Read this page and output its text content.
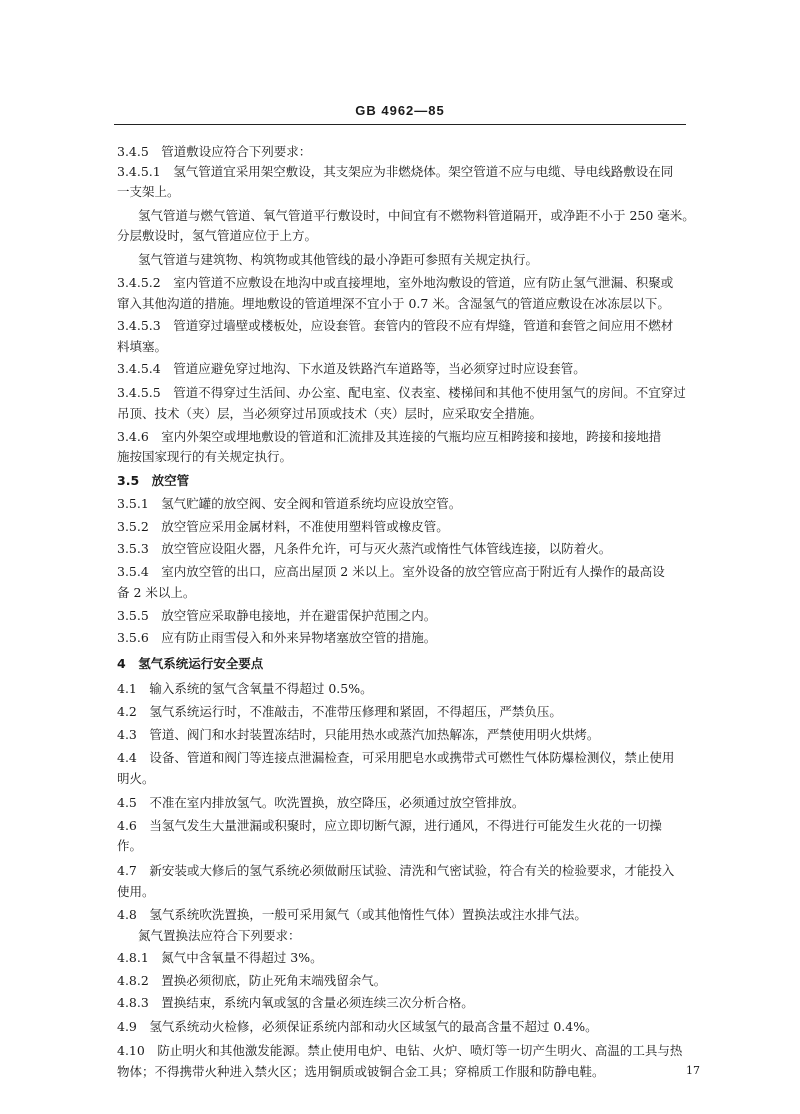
GB 4962—85
3.4.5　管道敷设应符合下列要求：
3.4.5.1　氢气管道宜采用架空敷设，其支架应为非燃烧体。架空管道不应与电缆、导电线路敷设在同
一支架上。
氢气管道与燃气管道、氧气管道平行敷设时，中间宜有不燃物料管道隔开，或净距不小于 250 毫米。
分层敷设时，氢气管道应位于上方。
氢气管道与建筑物、构筑物或其他管线的最小净距可参照有关规定执行。
3.4.5.2　室内管道不应敷设在地沟中或直接埋地，室外地沟敷设的管道，应有防止氢气泄漏、积聚或
窜入其他沟道的措施。埋地敷设的管道埋深不宜小于 0.7 米。含湿氢气的管道应敷设在冰冻层以下。
3.4.5.3　管道穿过墙壁或楼板处，应设套管。套管内的管段不应有焊缝，管道和套管之间应用不燃材
料填塞。
3.4.5.4　管道应避免穿过地沟、下水道及铁路汽车道路等，当必须穿过时应设套管。
3.4.5.5　管道不得穿过生活间、办公室、配电室、仪表室、楼梯间和其他不使用氢气的房间。不宜穿过
吊顶、技术（夹）层，当必须穿过吊顶或技术（夹）层时，应采取安全措施。
3.4.6　室内外架空或埋地敷设的管道和汇流排及其连接的气瓶均应互相跨接和接地，跨接和接地措
施按国家现行的有关规定执行。
3.5　放空管
3.5.1　氢气贮罐的放空阀、安全阀和管道系统均应设放空管。
3.5.2　放空管应采用金属材料，不准使用塑料管或橡皮管。
3.5.3　放空管应设阻火器，凡条件允许，可与灭火蒸汽或惰性气体管线连接，以防着火。
3.5.4　室内放空管的出口，应高出屋顶 2 米以上。室外设备的放空管应高于附近有人操作的最高设
备 2 米以上。
3.5.5　放空管应采取静电接地，并在避雷保护范围之内。
3.5.6　应有防止雨雪侵入和外来异物堵塞放空管的措施。
4　氢气系统运行安全要点
4.1　输入系统的氢气含氧量不得超过 0.5%。
4.2　氢气系统运行时，不准敲击，不准带压修理和紧固，不得超压，严禁负压。
4.3　管道、阀门和水封装置冻结时，只能用热水或蒸汽加热解冻，严禁使用明火烘烤。
4.4　设备、管道和阀门等连接点泄漏检查，可采用肥皂水或携带式可燃性气体防爆检测仪，禁止使用
明火。
4.5　不准在室内排放氢气。吹洗置换，放空降压，必须通过放空管排放。
4.6　当氢气发生大量泄漏或积聚时，应立即切断气源，进行通风，不得进行可能发生火花的一切操
作。
4.7　新安装或大修后的氢气系统必须做耐压试验、清洗和气密试验，符合有关的检验要求，才能投入
使用。
4.8　氢气系统吹洗置换，一般可采用氮气（或其他惰性气体）置换法或注水排气法。
氮气置换法应符合下列要求：
4.8.1　氮气中含氧量不得超过 3%。
4.8.2　置换必须彻底，防止死角末端残留余气。
4.8.3　置换结束，系统内氧或氢的含量必须连续三次分析合格。
4.9　氢气系统动火检修，必须保证系统内部和动火区域氢气的最高含量不超过 0.4%。
4.10　防止明火和其他激发能源。禁止使用电炉、电钻、火炉、喷灯等一切产生明火、高温的工具与热
物体；不得携带火种进入禁火区；选用铜质或铍铜合金工具；穿棉质工作服和防静电鞋。	17
